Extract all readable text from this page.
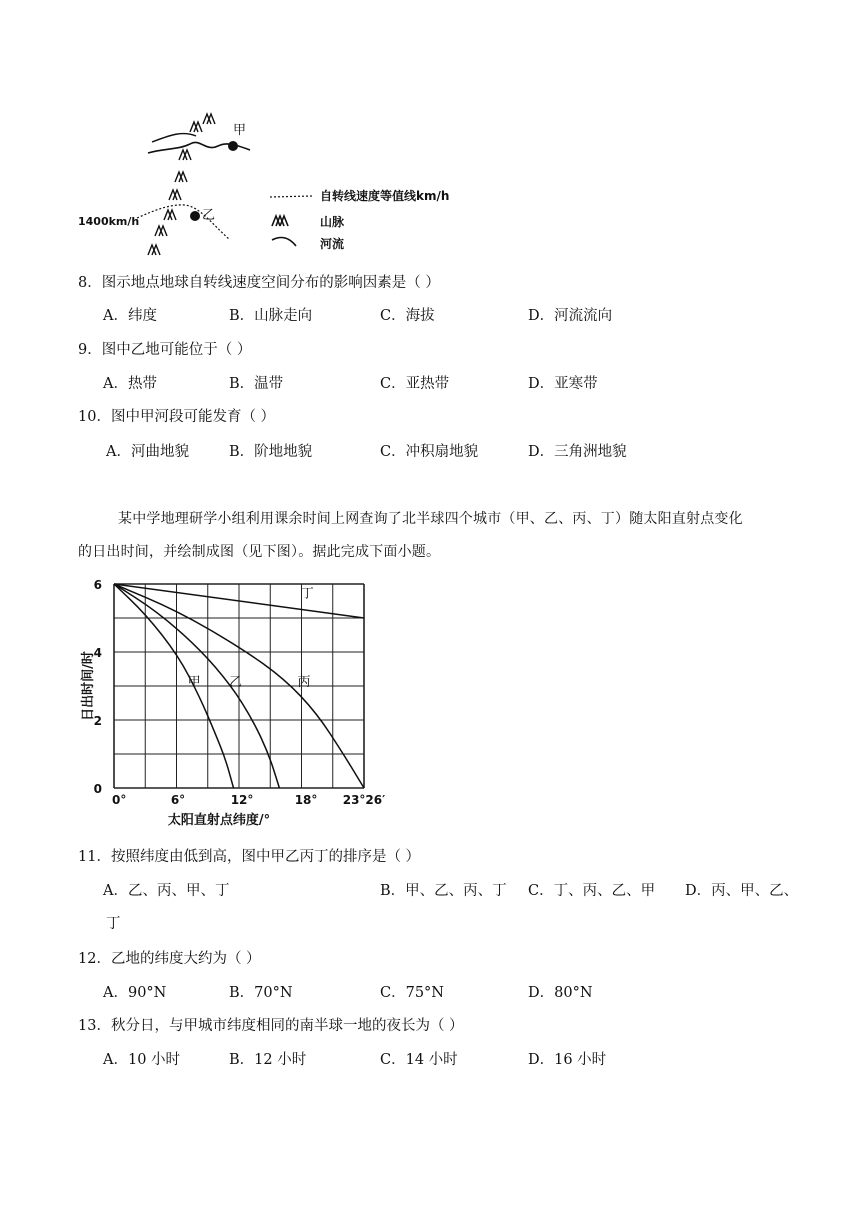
甲
乙
1400km/h
自转线速度等值线km/h
山脉
河流
8．图示地点地球自转线速度空间分布的影响因素是（ ）
A．纬度	B．山脉走向	C．海拔	D．河流流向
9．图中乙地可能位于（ ）
A．热带	B．温带	C．亚热带	D．亚寒带
10．图中甲河段可能发育（ ）
A．河曲地貌	B．阶地地貌	C．冲积扇地貌	D．三角洲地貌
某中学地理研学小组利用课余时间上网查询了北半球四个城市（甲、乙、丙、丁）随太阳直射点变化
的日出时间，并绘制成图（见下图）。据此完成下面小题。
甲 乙	丙
丁
0
2
4
6
0°	6°	12°	18° 23°26′
太阳直射点纬度/°
日出时间/时
11．按照纬度由低到高，图中甲乙丙丁的排序是（ ）
A．乙、丙、甲、丁	B．甲、乙、丙、丁 C．丁、丙、乙、甲 D．丙、甲、乙、
丁
12．乙地的纬度大约为（ ）
A．90°N	B．70°N	C．75°N	D．80°N
13．秋分日，与甲城市纬度相同的南半球一地的夜长为（ ）
A．10 小时	B．12 小时	C．14 小时	D．16 小时
